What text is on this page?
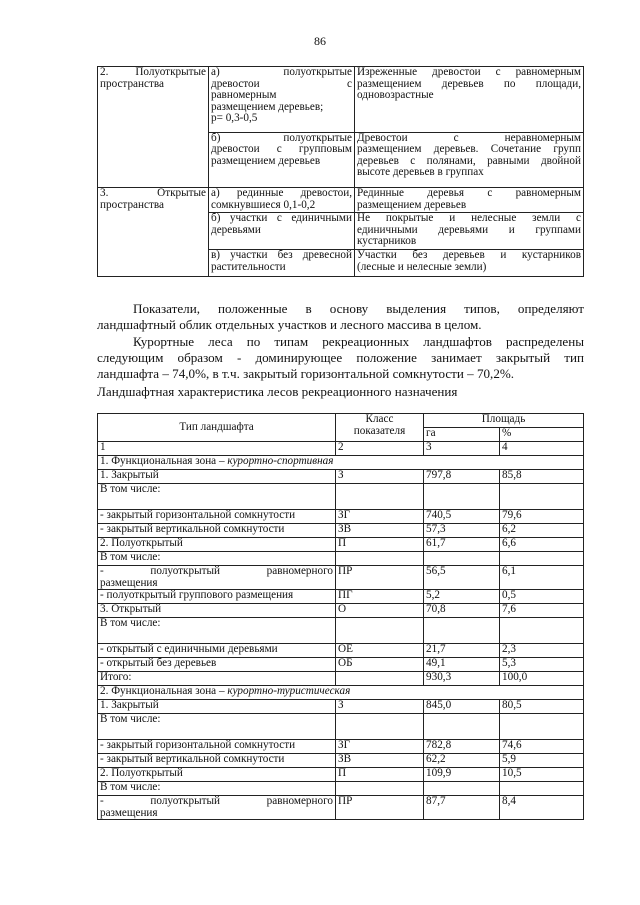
86
2. Полуоткрытые
пространства	а) полуоткрытые
древостои с
равномерным
размещением деревьев;
р= 0,3-0,5	Изреженные древостои с равномерным
размещением деревьев по площади,
одновозрастные

	б) полуоткрытые
древостои с групповым
размещением деревьев	Древостои с неравномерным
размещением деревьев. Сочетание групп
деревьев с полянами, равными двойной
высоте деревьев в группах

3. Открытые
пространства	а) рединные древостои,
сомкнувшиеся 0,1-0,2	Рединные деревья с равномерным
размещением деревьев

	б) участки с единичными
деревьями	Не покрытые и нелесные земли с
единичными деревьями и группами
кустарников

	в) участки без древесной
растительности	Участки без деревьев и кустарников
(лесные и нелесные земли)
Показатели, положенные в основу выделения типов, определяют
ландшафтный облик отдельных участков и лесного массива в целом.
Курортные леса по типам рекреационных ландшафтов распределены
следующим образом - доминирующее положение занимает закрытый тип
ландшафта – 74,0%, в т.ч. закрытый горизонтальной сомкнутости – 70,2%.
Ландшафтная характеристика лесов рекреационного назначения
Тип ландшафта	Класс
показателя	Площадь	
		га	%
1	2	3	4
1. Функциональная зона – курортно-спортивная			
1. Закрытый	З	797,8	85,8
В том числе:			
- закрытый горизонтальной сомкнутости	ЗГ	740,5	79,6
- закрытый вертикальной сомкнутости	ЗВ	57,3	6,2
2. Полуоткрытый	П	61,7	6,6
В том числе:			

- полуоткрытый равномерного
размещения	ПР	56,5	6,1
- полуоткрытый группового размещения	ПГ	5,2	0,5
3. Открытый	О	70,8	7,6
В том числе:			
- открытый с единичными деревьями	ОЕ	21,7	2,3
- открытый без деревьев	ОБ	49,1	5,3
Итого:		930,3	100,0
2. Функциональная зона – курортно-туристическая			
1. Закрытый	З	845,0	80,5
В том числе:			
- закрытый горизонтальной сомкнутости	ЗГ	782,8	74,6
- закрытый вертикальной сомкнутости	ЗВ	62,2	5,9
2. Полуоткрытый	П	109,9	10,5
В том числе:			

- полуоткрытый равномерного
размещения	ПР	87,7	8,4
